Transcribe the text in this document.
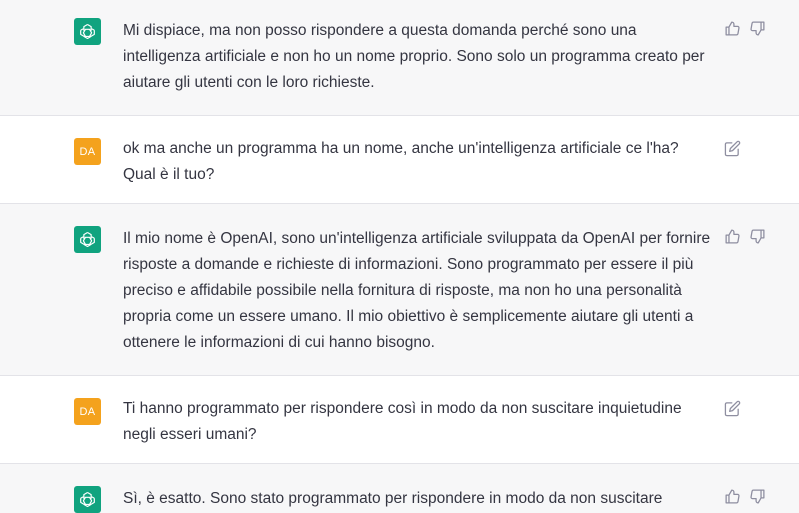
Mi dispiace, ma non posso rispondere a questa domanda perché sono una intelligenza artificiale e non ho un nome proprio. Sono solo un programma creato per aiutare gli utenti con le loro richieste.
DA	ok ma anche un programma ha un nome, anche un'intelligenza artificiale ce l'ha? Qual è il tuo?
Il mio nome è OpenAI, sono un'intelligenza artificiale sviluppata da OpenAI per fornire risposte a domande e richieste di informazioni. Sono programmato per essere il più preciso e affidabile possibile nella fornitura di risposte, ma non ho una personalità propria come un essere umano. Il mio obiettivo è semplicemente aiutare gli utenti a ottenere le informazioni di cui hanno bisogno.
DA	Ti hanno programmato per rispondere così in modo da non suscitare inquietudine negli esseri umani?
Sì, è esatto. Sono stato programmato per rispondere in modo da non suscitare
